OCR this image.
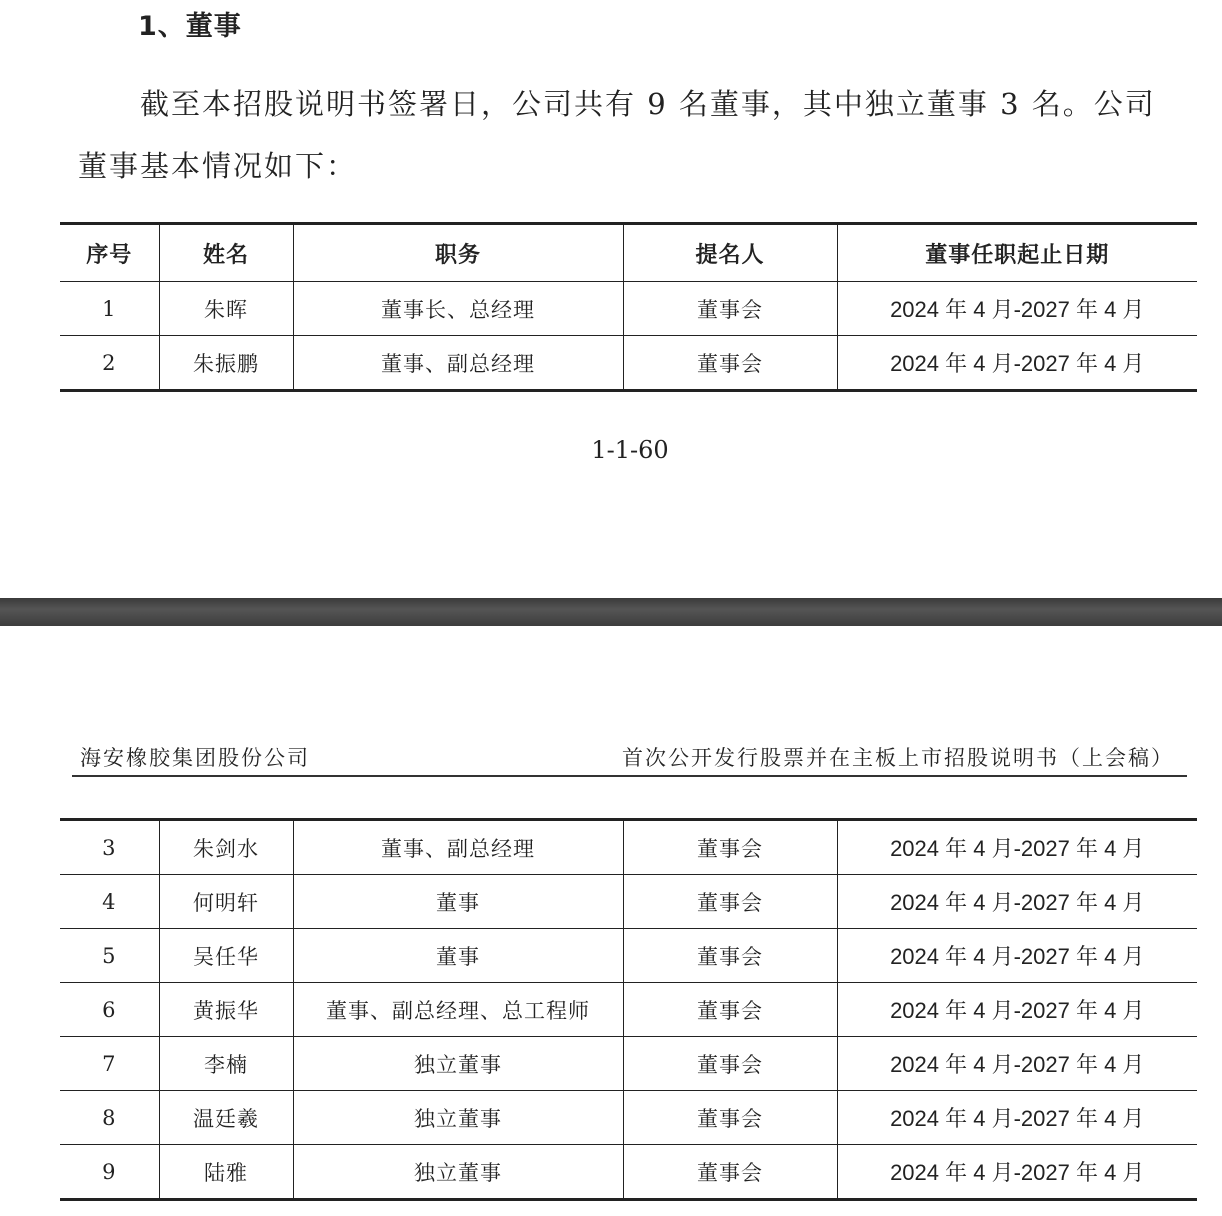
1、董事
截至本招股说明书签署日，公司共有 9 名董事，其中独立董事 3 名。公司
董事基本情况如下：
序号	姓名	职务	提名人	董事任职起止日期
1	朱晖	董事长、总经理	董事会	2024 年 4 月-2027 年 4 月
2	朱振鹏	董事、副总经理	董事会	2024 年 4 月-2027 年 4 月
1-1-60
海安橡胶集团股份公司	首次公开发行股票并在主板上市招股说明书（上会稿）
3	朱剑水	董事、副总经理	董事会	2024 年 4 月-2027 年 4 月
4	何明轩	董事	董事会	2024 年 4 月-2027 年 4 月
5	吴任华	董事	董事会	2024 年 4 月-2027 年 4 月
6	黄振华	董事、副总经理、总工程师	董事会	2024 年 4 月-2027 年 4 月
7	李楠	独立董事	董事会	2024 年 4 月-2027 年 4 月
8	温廷羲	独立董事	董事会	2024 年 4 月-2027 年 4 月
9	陆雅	独立董事	董事会	2024 年 4 月-2027 年 4 月
